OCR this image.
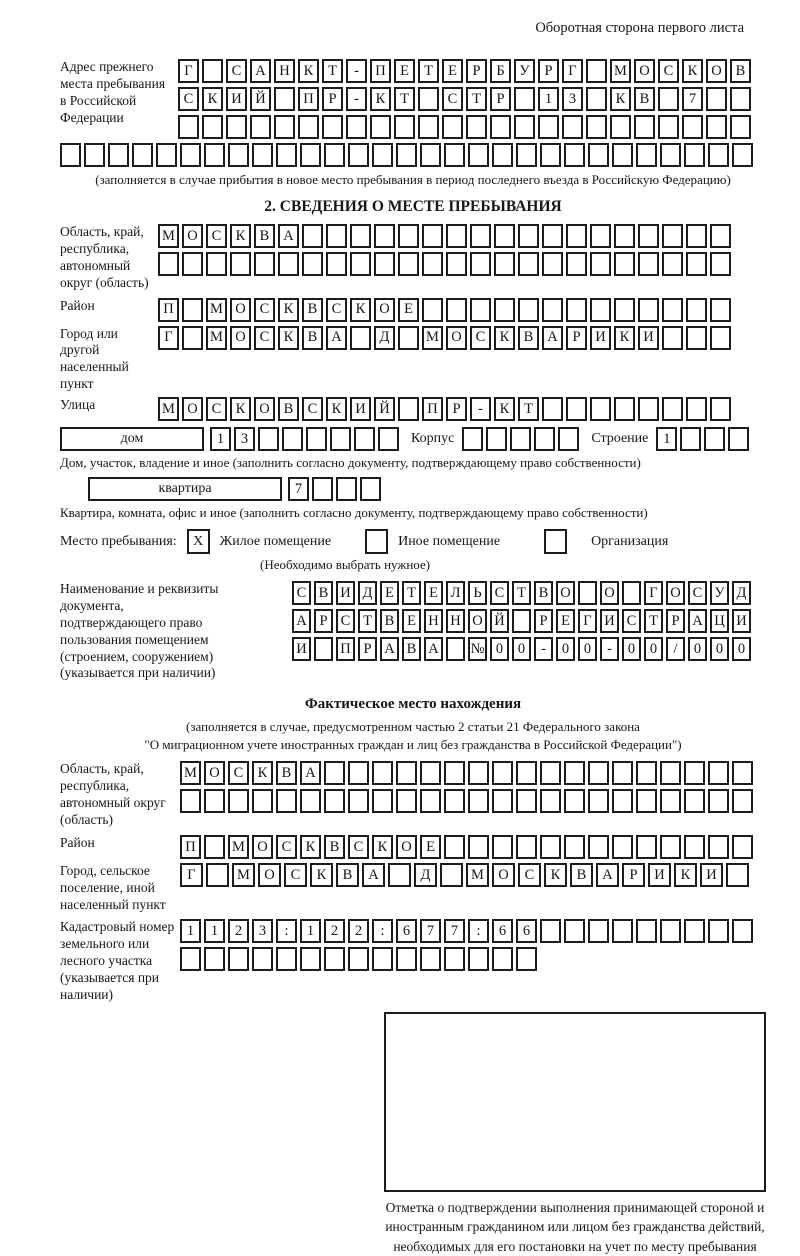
Оборотная сторона первого листа
Адрес прежнего места пребывания в Российской Федерации
Г	С А Н К	Т	-	П Е	Т	Е	Р	Б	У	Р	Г	М О С К О В
С К И Й	П	Р	-	К	Т	С	Т	Р	1	3	К В	7
(заполняется в случае прибытия в новое место пребывания в период последнего въезда в Российскую Федерацию)
2. СВЕДЕНИЯ О МЕСТЕ ПРЕБЫВАНИЯ
Область, край, республика, автономный округ (область)
М О С К В А
Район	П	М О С К В С К О Е
Город или другой населенный пункт
Г	М О С К В А	Д	М О С К В А	Р	И К И
Улица	М О С К О В С К И Й	П	Р	-	К	Т
дом	1	3	Корпус	Строение	1
Дом, участок, владение и иное (заполнить согласно документу, подтверждающему право собственности)
квартира	7
Квартира, комната, офис и иное (заполнить согласно документу, подтверждающему право собственности)
Место пребывания:	X	Жилое помещение	Иное помещение	Организация
(Необходимо выбрать нужное)
Наименование и реквизиты документа, подтверждающего право пользования помещением (строением, сооружением) (указывается при наличии)
С В И Д Е Т Е Л Ь С Т В О О	Г О С У Д
А Р С Т В Е Н Н О Й	Р Е Г И С Т Р А Ц И
И П Р А В А № 0	0	-	0	0	-	0	0	/	0	0	0
Фактическое место нахождения
(заполняется в случае, предусмотренном частью 2 статьи 21 Федерального закона
"О миграционном учете иностранных граждан и лиц без гражданства в Российской Федерации")
Область, край, республика, автономный округ (область)
М О С К В А
Район	П	М О С К В С К О Е
Город, сельское поселение, иной населенный пункт
Г	М О	С	К	В	А	Д	М О	С	К	В	А	Р	И	К	И
Кадастровый номер земельного или лесного участка (указывается при наличии)
1	1	2	3	:	1	2	2	:	6	7	7	:	6	6
Отметка о подтверждении выполнения принимающей стороной и иностранным гражданином или лицом без гражданства действий, необходимых для его постановки на учет по месту пребывания
